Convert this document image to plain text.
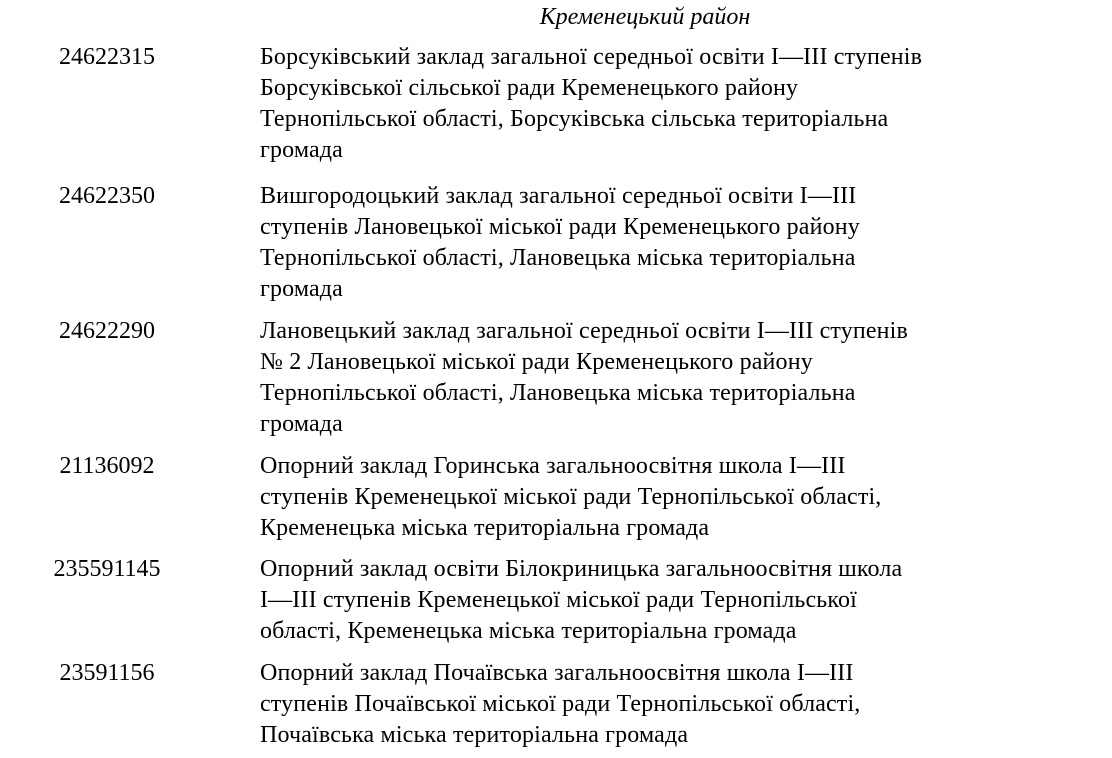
Кременецький район
24622315	Борсуківський заклад загальної середньої освіти І—ІІІ ступенів
Борсуківської сільської ради Кременецького району
Тернопільської області, Борсуківська сільська територіальна
громада
24622350	Вишгородоцький заклад загальної середньої освіти І—ІІІ
ступенів Лановецької міської ради Кременецького району
Тернопільської області, Лановецька міська територіальна
громада
24622290	Лановецький заклад загальної середньої освіти І—ІІІ ступенів
№ 2 Лановецької міської ради Кременецького району
Тернопільської області, Лановецька міська територіальна
громада
21136092	Опорний заклад Горинська загальноосвітня школа І—ІІІ
ступенів Кременецької міської ради Тернопільської області,
Кременецька міська територіальна громада
235591145	Опорний заклад освіти Білокриницька загальноосвітня школа
І—ІІІ ступенів Кременецької міської ради Тернопільської
області, Кременецька міська територіальна громада
23591156	Опорний заклад Почаївська загальноосвітня школа І—ІІІ
ступенів Почаївської міської ради Тернопільської області,
Почаївська міська територіальна громада
